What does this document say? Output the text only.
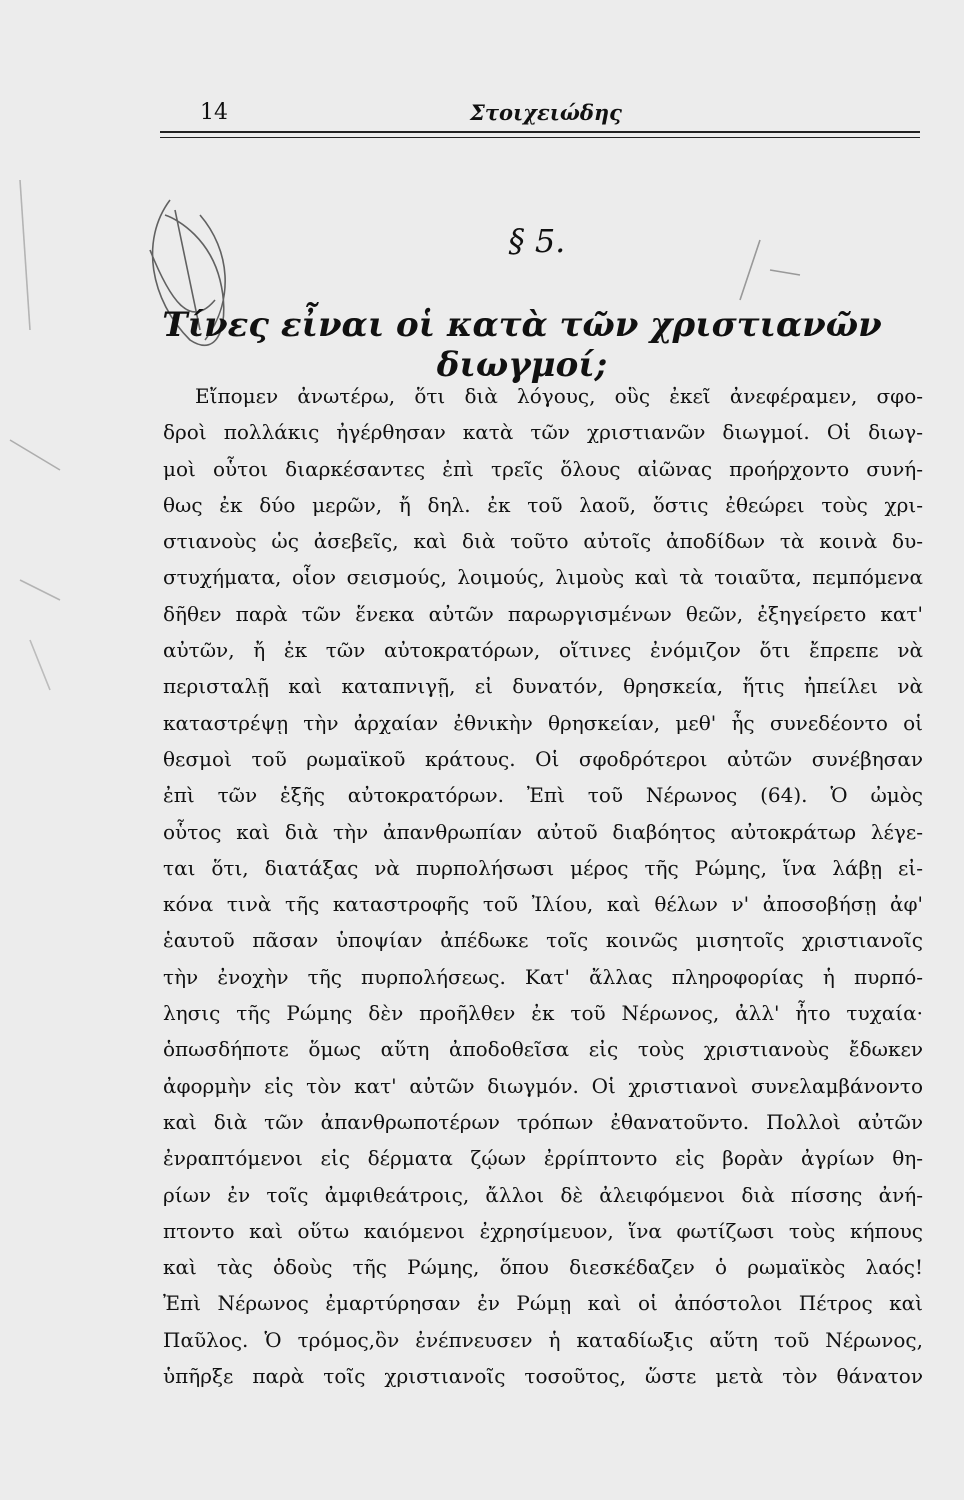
14	Στοιχειώδης
§ 5.
Τίνες εἶναι οἱ κατὰ τῶν χριστιανῶν διωγμοί;
Εἴπομεν ἀνωτέρω, ὅτι διὰ λόγους, οὓς ἐκεῖ ἀνεφέραμεν, σφο-
δροὶ πολλάκις ἠγέρθησαν κατὰ τῶν χριστιανῶν διωγμοί. Οἱ διωγ-
μοὶ οὗτοι διαρκέσαντες ἐπὶ τρεῖς ὅλους αἰῶνας προήρχοντο συνή-
θως ἐκ δύο μερῶν, ἤ δηλ. ἐκ τοῦ λαοῦ, ὅστις ἐθεώρει τοὺς χρι-
στιανοὺς ὡς ἀσεβεῖς, καὶ διὰ τοῦτο αὐτοῖς ἀποδίδων τὰ κοινὰ δυ-
στυχήματα, οἷον σεισμούς, λοιμούς, λιμοὺς καὶ τὰ τοιαῦτα, πεμπόμενα
δῆθεν παρὰ τῶν ἕνεκα αὐτῶν παρωργισμένων θεῶν, ἐξηγείρετο κατ'
αὐτῶν, ἤ ἐκ τῶν αὐτοκρατόρων, οἵτινες ἐνόμιζον ὅτι ἔπρεπε νὰ
περισταλῇ καὶ καταπνιγῇ, εἰ δυνατόν, θρησκεία, ἥτις ἠπείλει νὰ
καταστρέψῃ τὴν ἀρχαίαν ἐθνικὴν θρησκείαν, μεθ' ἧς συνεδέοντο οἱ
θεσμοὶ τοῦ ρωμαϊκοῦ κράτους. Οἱ σφοδρότεροι αὐτῶν συνέβησαν
ἐπὶ τῶν ἑξῆς αὐτοκρατόρων. Ἐπὶ τοῦ Νέρωνος (64). Ὁ ὠμὸς
οὗτος καὶ διὰ τὴν ἀπανθρωπίαν αὐτοῦ διαβόητος αὐτοκράτωρ λέγε-
ται ὅτι, διατάξας νὰ πυρπολήσωσι μέρος τῆς Ρώμης, ἵνα λάβῃ εἰ-
κόνα τινὰ τῆς καταστροφῆς τοῦ Ἰλίου, καὶ θέλων ν' ἀποσοβήσῃ ἀφ'
ἑαυτοῦ πᾶσαν ὑποψίαν ἀπέδωκε τοῖς κοινῶς μισητοῖς χριστιανοῖς
τὴν ἐνοχὴν τῆς πυρπολήσεως. Κατ' ἄλλας πληροφορίας ἡ πυρπό-
λησις τῆς Ρώμης δὲν προῆλθεν ἐκ τοῦ Νέρωνος, ἀλλ' ἦτο τυχαία·
ὁπωσδήποτε ὅμως αὕτη ἀποδοθεῖσα εἰς τοὺς χριστιανοὺς ἔδωκεν
ἀφορμὴν εἰς τὸν κατ' αὐτῶν διωγμόν. Οἱ χριστιανοὶ συνελαμβάνοντο
καὶ διὰ τῶν ἀπανθρωποτέρων τρόπων ἐθανατοῦντο. Πολλοὶ αὐτῶν
ἐνραπτόμενοι εἰς δέρματα ζῴων ἐρρίπτοντο εἰς βορὰν ἀγρίων θη-
ρίων ἐν τοῖς ἀμφιθεάτροις, ἄλλοι δὲ ἀλειφόμενοι διὰ πίσσης ἀνή-
πτοντο καὶ οὕτω καιόμενοι ἐχρησίμευον, ἵνα φωτίζωσι τοὺς κήπους
καὶ τὰς ὁδοὺς τῆς Ρώμης, ὅπου διεσκέδαζεν ὁ ρωμαϊκὸς λαός!
Ἐπὶ Νέρωνος ἐμαρτύρησαν ἐν Ρώμῃ καὶ οἱ ἀπόστολοι Πέτρος καὶ
Παῦλος. Ὁ τρόμος,ὂν ἐνέπνευσεν ἡ καταδίωξις αὕτη τοῦ Νέρωνος,
ὑπῆρξε παρὰ τοῖς χριστιανοῖς τοσοῦτος, ὥστε μετὰ τὸν θάνατον
